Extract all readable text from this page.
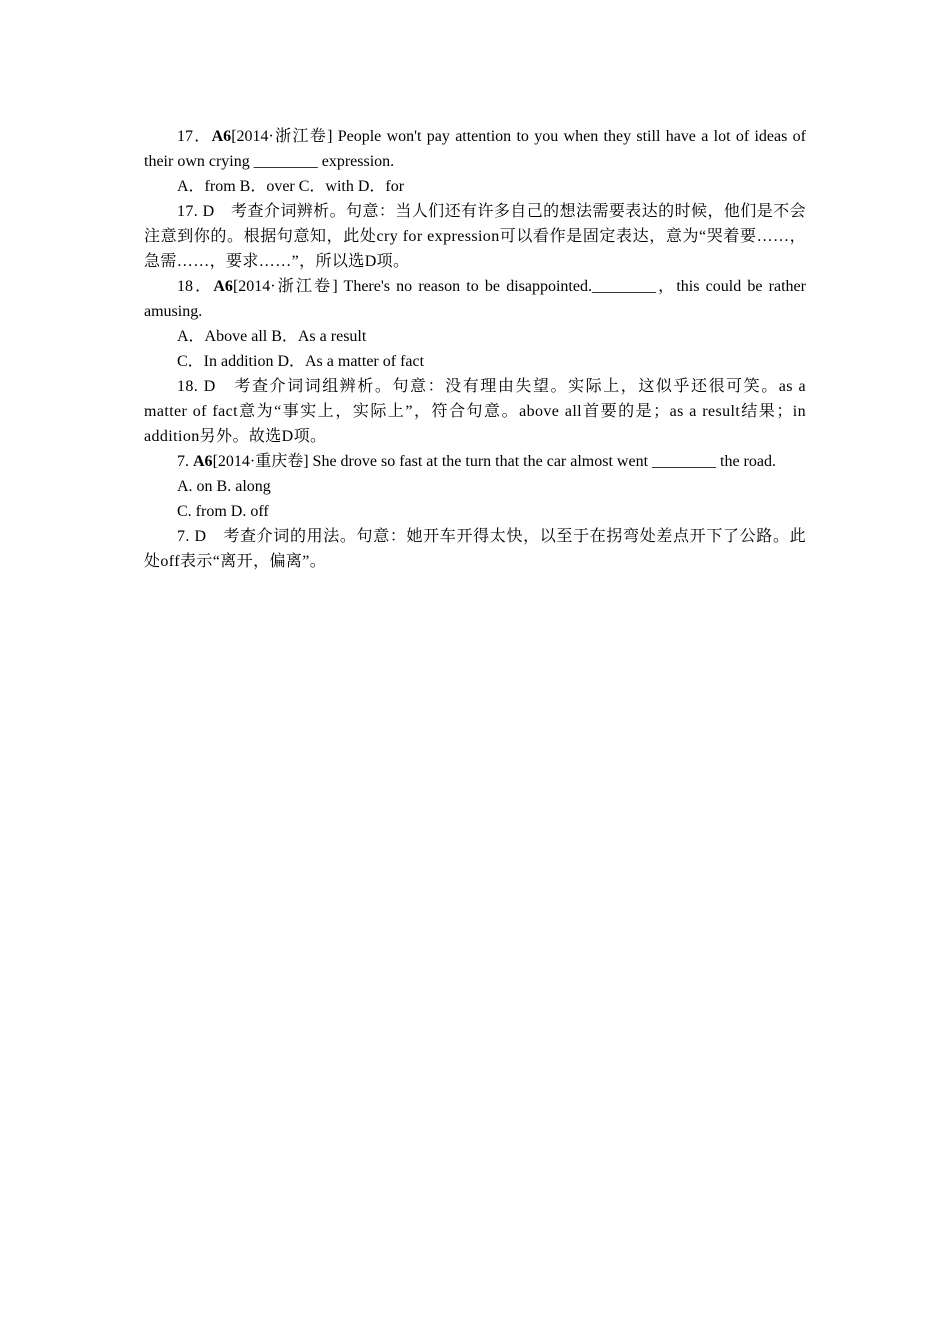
17．A6[2014·浙江卷] People won't pay attention to you when they still have a lot of ideas of their own crying ________ expression.

A．from B．over C．with D．for

17. D　考查介词辨析。句意：当人们还有许多自己的想法需要表达的时候，他们是不会注意到你的。根据句意知，此处cry for expression可以看作是固定表达，意为“哭着要……，急需……，要求……”，所以选D项。

18．A6[2014·浙江卷] There's no reason to be disappointed.________，this could be rather amusing.

A．Above all B．As a result

C．In addition D．As a matter of fact

18. D　考查介词词组辨析。句意：没有理由失望。实际上，这似乎还很可笑。as a matter of fact意为“事实上，实际上”，符合句意。above all首要的是；as a result结果；in addition另外。故选D项。

7. A6[2014·重庆卷] She drove so fast at the turn that the car almost went ________ the road.

A. on B. along

C. from D. off

7. D　考查介词的用法。句意：她开车开得太快，以至于在拐弯处差点开下了公路。此处off表示“离开，偏离”。
